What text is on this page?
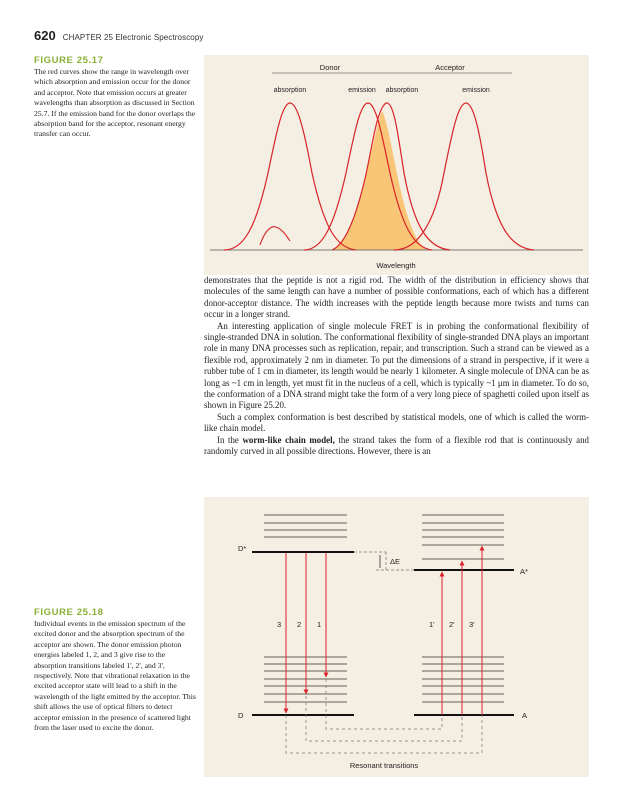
620 CHAPTER 25 Electronic Spectroscopy
FIGURE 25.17
The red curves show the range in wavelength over which absorption and emission occur for the donor and acceptor. Note that emission occurs at greater wavelengths than absorption as discussed in Section 25.7. If the emission band for the donor overlaps the absorption band for the acceptor, resonant energy transfer can occur.
Donor	Acceptor
absorption	emission absorption	emission
Wavelength

demonstrates that the peptide is not a rigid rod. The width of the distribution in efficiency shows that molecules of the same length can have a number of possible conformations, each of which has a different donor-acceptor distance. The width increases with the peptide length because more twists and turns can occur in a longer strand.

An interesting application of single molecule FRET is in probing the conformational flexibility of single-stranded DNA in solution. The conformational flexibility of single-stranded DNA plays an important role in many DNA processes such as replication, repair, and transcription. Such a strand can be viewed as a flexible rod, approximately 2 nm in diameter. To put the dimensions of a strand in perspective, if it were a rubber tube of 1 cm in diameter, its length would be nearly 1 kilometer. A single molecule of DNA can be as long as ~1 cm in length, yet must fit in the nucleus of a cell, which is typically ~1 μm in diameter. To do so, the conformation of a DNA strand might take the form of a very long piece of spaghetti coiled upon itself as shown in Figure 25.20.

Such a complex conformation is best described by statistical models, one of which is called the worm-like chain model.

In the worm-like chain model, the strand takes the form of a flexible rod that is continuously and randomly curved in all possible directions. However, there is an

FIGURE 25.18
Individual events in the emission spectrum of the excited donor and the absorption spectrum of the acceptor are shown. The donor emission photon energies labeled 1, 2, and 3 give rise to the absorption transitions labeled 1', 2', and 3', respectively. Note that vibrational relaxation in the excited acceptor state will lead to a shift in the wavelength of the light emitted by the acceptor. This shift allows the use of optical filters to detect acceptor emission in the presence of scattered light from the laser used to excite the donor.
D*
A*
D	A
ΔE
3 2 1	1' 2' 3'
Resonant transitions
